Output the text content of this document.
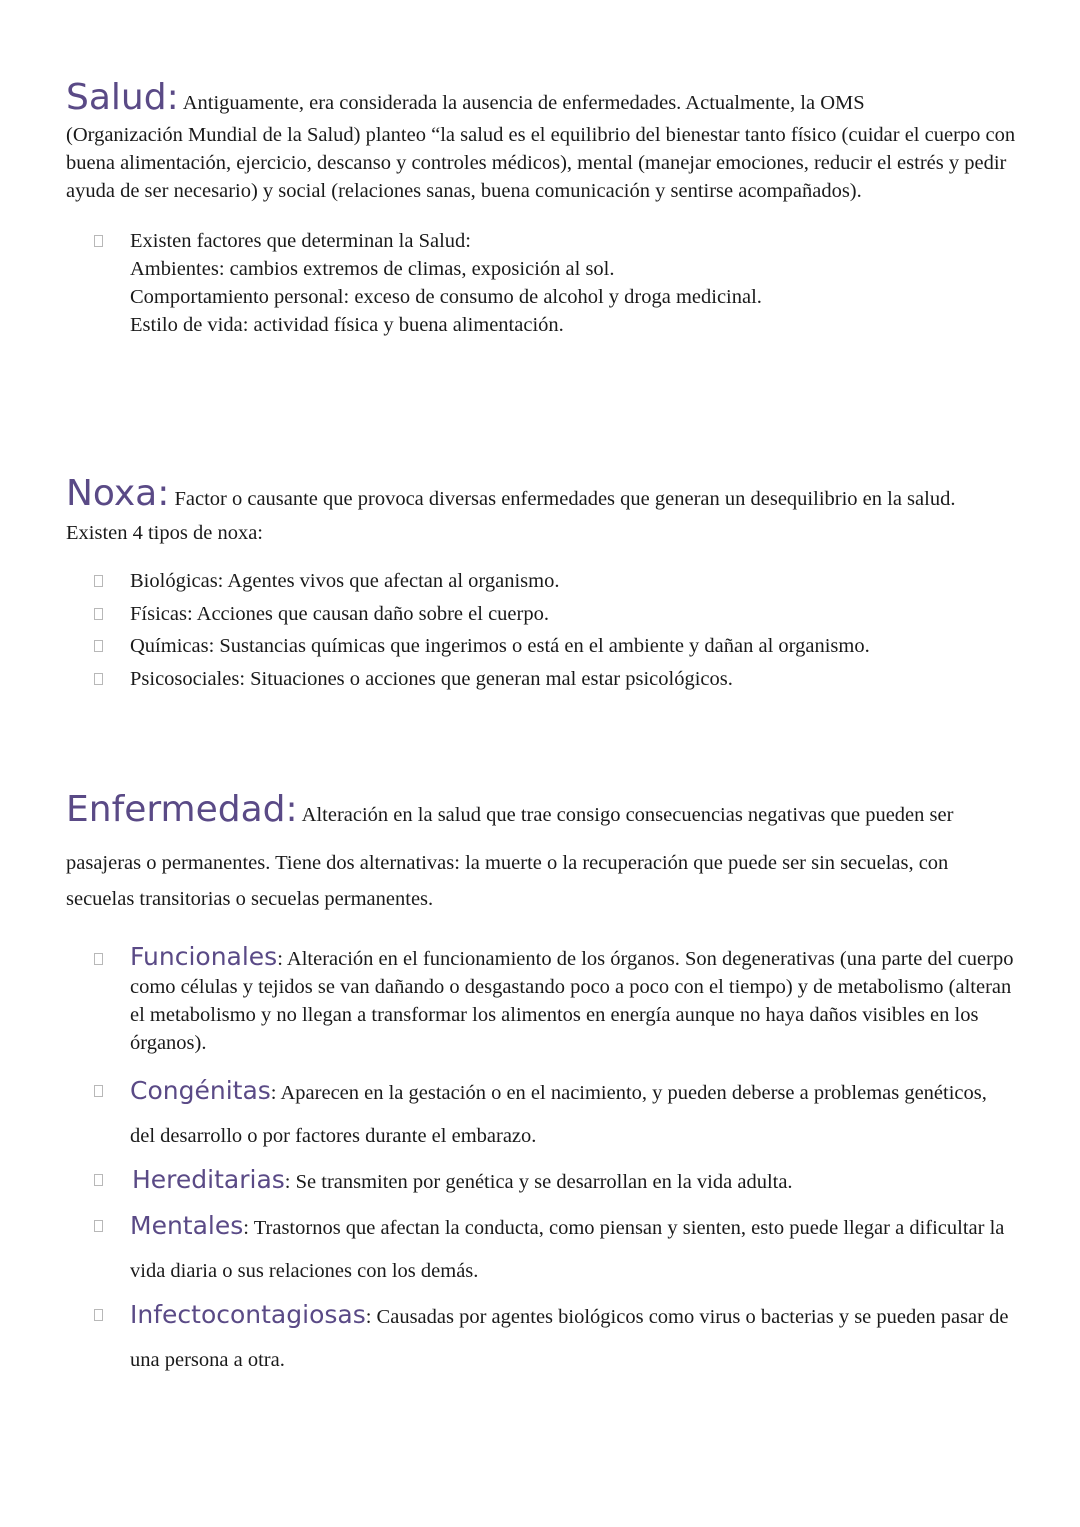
Salud: Antiguamente, era considerada la ausencia de enfermedades. Actualmente, la OMS

(Organización Mundial de la Salud) planteo “la salud es el equilibrio del bienestar tanto físico (cuidar el cuerpo con buena alimentación, ejercicio, descanso y controles médicos), mental (manejar emociones, reducir el estrés y pedir ayuda de ser necesario) y social (relaciones sanas, buena comunicación y sentirse acompañados).

Existen factores que determinan la Salud:
Ambientes: cambios extremos de climas, exposición al sol.
Comportamiento personal: exceso de consumo de alcohol y droga medicinal.
Estilo de vida: actividad física y buena alimentación.

Noxa: Factor o causante que provoca diversas enfermedades que generan un desequilibrio en la salud.

Existen 4 tipos de noxa:

Biológicas: Agentes vivos que afectan al organismo.
Físicas: Acciones que causan daño sobre el cuerpo.
Químicas: Sustancias químicas que ingerimos o está en el ambiente y dañan al organismo.
Psicosociales: Situaciones o acciones que generan mal estar psicológicos.

Enfermedad: Alteración en la salud que trae consigo consecuencias negativas que pueden ser

pasajeras o permanentes. Tiene dos alternativas: la muerte o la recuperación que puede ser sin secuelas, con secuelas transitorias o secuelas permanentes.

Funcionales: Alteración en el funcionamiento de los órganos. Son degenerativas (una parte del cuerpo como células y tejidos se van dañando o desgastando poco a poco con el tiempo) y de metabolismo (alteran el metabolismo y no llegan a transformar los alimentos en energía aunque no haya daños visibles en los órganos).
Congénitas: Aparecen en la gestación o en el nacimiento, y pueden deberse a problemas genéticos, del desarrollo o por factores durante el embarazo.
Hereditarias: Se transmiten por genética y se desarrollan en la vida adulta.
Mentales: Trastornos que afectan la conducta, como piensan y sienten, esto puede llegar a dificultar la vida diaria o sus relaciones con los demás.
Infectocontagiosas: Causadas por agentes biológicos como virus o bacterias y se pueden pasar de una persona a otra.
